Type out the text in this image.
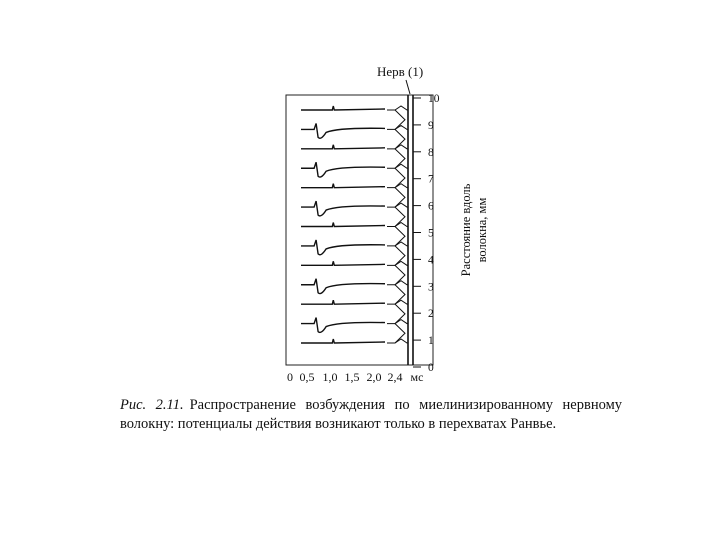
Нерв (1)
0
1
2
3
4
5
6
7
8
9
10
Расстояние вдоль волокна, мм
0 0,5 1,0 1,5 2,0 2,4 мс
Рис. 2.11. Распространение возбуждения по миелинизированному нервному волокну: потенциалы действия возникают только в перехватах Ранвье.
